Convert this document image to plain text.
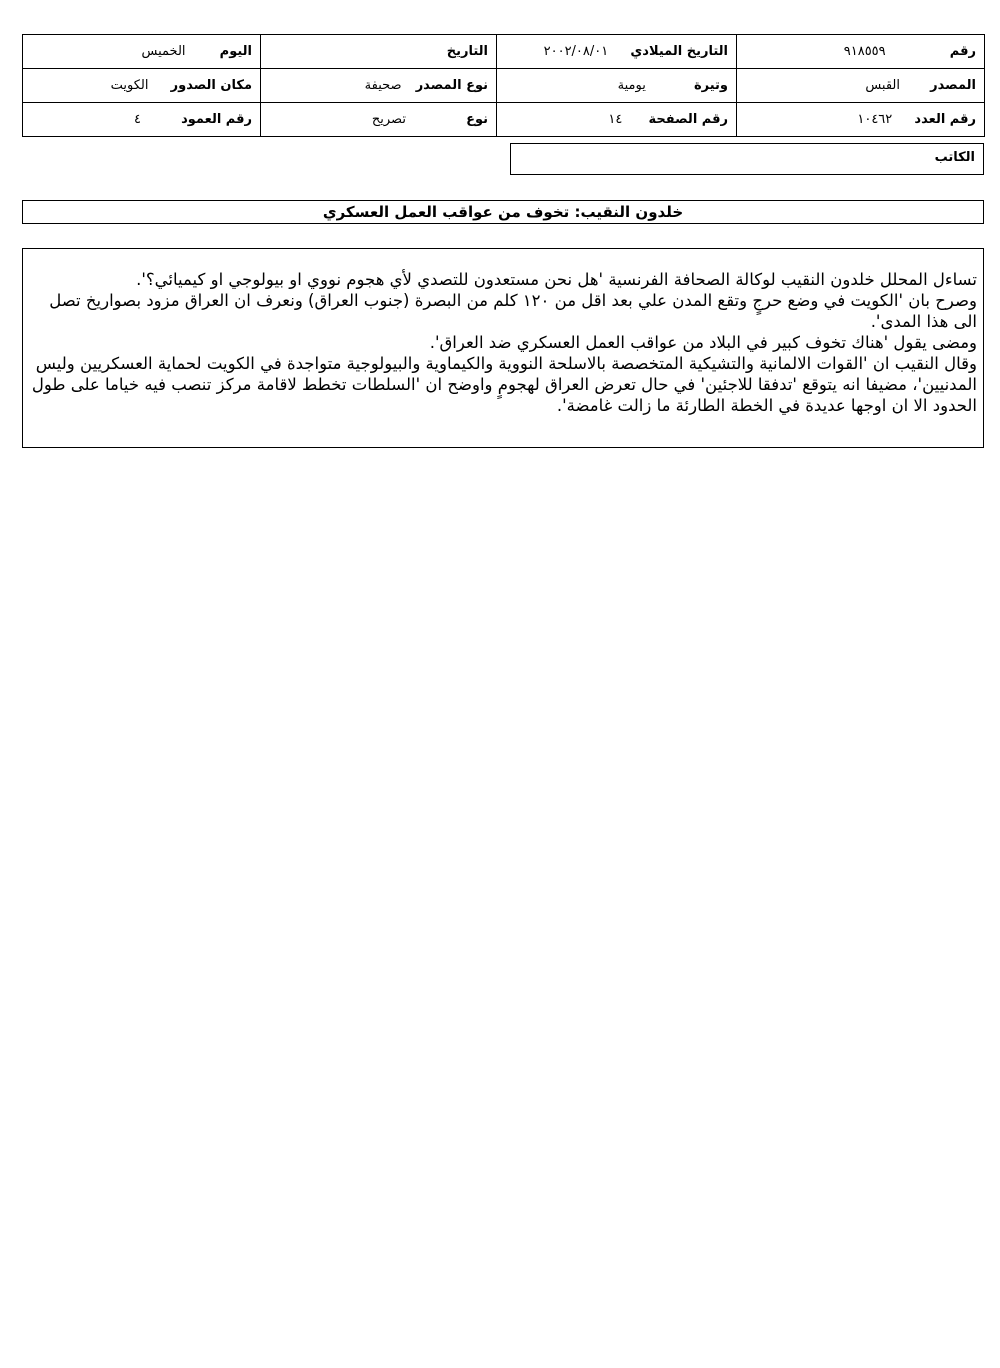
رقم ٩١٨٥٥٩	التاريخ الميلادي ٢٠٠٢/٠٨/٠١	التاريخ	اليوم الخميس
المصدر القبس	وتيرة يومية	نوع المصدر صحيفة	مكان الصدور الكويت
رقم العدد ١٠٤٦٢	رقم الصفحة ١٤	نوع تصريح	رقم العمود ٤
الكاتب
خلدون النقيب: تخوف من عواقب العمل العسكري

تساءل المحلل خلدون النقيب لوكالة الصحافة الفرنسية 'هل نحن مستعدون للتصدي لأي هجوم نووي او بيولوجي او كيميائي؟'.

وصرح بان 'الكويت في وضع حرجٍ وتقع المدن علي بعد اقل من ١٢٠ كلم من البصرة (جنوب العراق) ونعرف ان العراق مزود بصواريخ تصل الى هذا المدى'.

ومضى يقول 'هناك تخوف كبير في البلاد من عواقب العمل العسكري ضد العراق'.

وقال النقيب ان 'القوات الالمانية والتشيكية المتخصصة بالاسلحة النووية والكيماوية والبيولوجية متواجدة في الكويت لحماية العسكريين وليس المدنيين'، مضيفا انه يتوقع 'تدفقا للاجئين' في حال تعرض العراق لهجومٍ واوضح ان 'السلطات تخطط لاقامة مركز تنصب فيه خياما على طول الحدود الا ان اوجها عديدة في الخطة الطارئة ما زالت غامضة'.
